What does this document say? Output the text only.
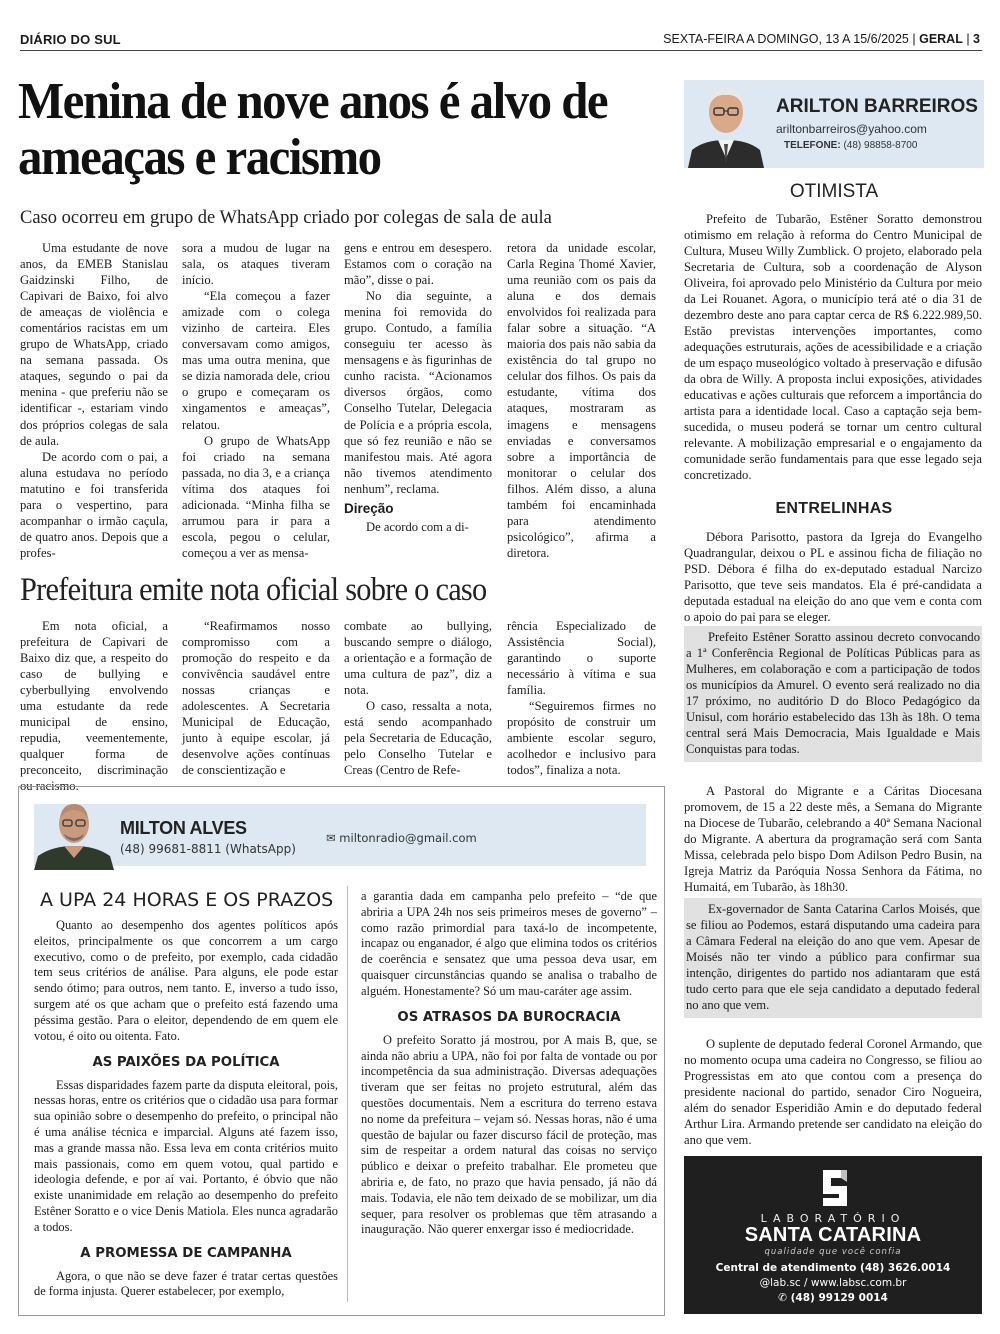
DIÁRIO DO SUL	SEXTA-FEIRA A DOMINGO, 13 A 15/6/2025 | GERAL | 3
Menina de nove anos é alvo de ameaças e racismo
Caso ocorreu em grupo de WhatsApp criado por colegas de sala de aula

Uma estudante de nove anos, da EMEB Stanislau Gaidzinski Filho, de Capivari de Baixo, foi alvo de ameaças de violência e comentários racistas em um grupo de WhatsApp, criado na semana passada. Os ataques, segundo o pai da menina - que preferiu não se identificar -, estariam vindo dos próprios colegas de sala de aula.

De acordo com o pai, a aluna estudava no período matutino e foi transferida para o vespertino, para acompanhar o irmão caçula, de quatro anos. Depois que a profes-

sora a mudou de lugar na sala, os ataques tiveram início.

“Ela começou a fazer amizade com o colega vizinho de carteira. Eles conversavam como amigos, mas uma outra menina, que se dizia namorada dele, criou o grupo e começaram os xingamentos e ameaças”, relatou.

O grupo de WhatsApp foi criado na semana passada, no dia 3, e a criança vítima dos ataques foi adicionada. “Minha filha se arrumou para ir para a escola, pegou o celular, começou a ver as mensa-

gens e entrou em desespero. Estamos com o coração na mão”, disse o pai.

No dia seguinte, a menina foi removida do grupo. Contudo, a família conseguiu ter acesso às mensagens e às figurinhas de cunho racista. “Acionamos diversos órgãos, como Conselho Tutelar, Delegacia de Polícia e a própria escola, que só fez reunião e não se manifestou mais. Até agora não tivemos atendimento nenhum”, reclama.

Direção

De acordo com a di-

retora da unidade escolar, Carla Regina Thomé Xavier, uma reunião com os pais da aluna e dos demais envolvidos foi realizada para falar sobre a situação. “A maioria dos pais não sabia da existência do tal grupo no celular dos filhos. Os pais da estudante, vítima dos ataques, mostraram as imagens e mensagens enviadas e conversamos sobre a importância de monitorar o celular dos filhos. Além disso, a aluna também foi encaminhada para atendimento psicológico”, afirma a diretora.

Prefeitura emite nota oficial sobre o caso

Em nota oficial, a prefeitura de Capivari de Baixo diz que, a respeito do caso de bullying e cyberbullying envolvendo uma estudante da rede municipal de ensino, repudia, veementemente, qualquer forma de preconceito, discriminação ou racismo.

“Reafirmamos nosso compromisso com a promoção do respeito e da convivência saudável entre nossas crianças e adolescentes. A Secretaria Municipal de Educação, junto à equipe escolar, já desenvolve ações contínuas de conscientização e

combate ao bullying, buscando sempre o diálogo, a orientação e a formação de uma cultura de paz”, diz a nota.

O caso, ressalta a nota, está sendo acompanhado pela Secretaria de Educação, pelo Conselho Tutelar e Creas (Centro de Refe-

rência Especializado de Assistência Social), garantindo o suporte necessário à vítima e sua família.

“Seguiremos firmes no propósito de construir um ambiente escolar seguro, acolhedor e inclusivo para todos”, finaliza a nota.

ARILTON BARREIROS
ariltonbarreiros@yahoo.com
TELEFONE: (48) 98858-8700
OTIMISTA

Prefeito de Tubarão, Estêner Soratto demonstrou otimismo em relação à reforma do Centro Municipal de Cultura, Museu Willy Zumblick. O projeto, elaborado pela Secretaria de Cultura, sob a coordenação de Alyson Oliveira, foi aprovado pelo Ministério da Cultura por meio da Lei Rouanet. Agora, o município terá até o dia 31 de dezembro deste ano para captar cerca de R$ 6.222.989,50. Estão previstas intervenções importantes, como adequações estruturais, ações de acessibilidade e a criação de um espaço museológico voltado à preservação e difusão da obra de Willy. A proposta inclui exposições, atividades educativas e ações culturais que reforcem a importância do artista para a identidade local. Caso a captação seja bem-sucedida, o museu poderá se tornar um centro cultural relevante. A mobilização empresarial e o engajamento da comunidade serão fundamentais para que esse legado seja concretizado.

ENTRELINHAS

Débora Parisotto, pastora da Igreja do Evangelho Quadrangular, deixou o PL e assinou ficha de filiação no PSD. Débora é filha do ex-deputado estadual Narcizo Parisotto, que teve seis mandatos. Ela é pré-candidata a deputada estadual na eleição do ano que vem e conta com o apoio do pai para se eleger.

Prefeito Estêner Soratto assinou decreto convocando a 1ª Conferência Regional de Políticas Públicas para as Mulheres, em colaboração e com a participação de todos os municípios da Amurel. O evento será realizado no dia 17 próximo, no auditório D do Bloco Pedagógico da Unisul, com horário estabelecido das 13h às 18h. O tema central será Mais Democracia, Mais Igualdade e Mais Conquistas para todas.

A Pastoral do Migrante e a Cáritas Diocesana promovem, de 15 a 22 deste mês, a Semana do Migrante na Diocese de Tubarão, celebrando a 40ª Semana Nacional do Migrante. A abertura da programação será com Santa Missa, celebrada pelo bispo Dom Adilson Pedro Busin, na Igreja Matriz da Paróquia Nossa Senhora da Fátima, no Humaitá, em Tubarão, às 18h30.

Ex-governador de Santa Catarina Carlos Moisés, que se filiou ao Podemos, estará disputando uma cadeira para a Câmara Federal na eleição do ano que vem. Apesar de Moisés não ter vindo a público para confirmar sua intenção, dirigentes do partido nos adiantaram que está tudo certo para que ele seja candidato a deputado federal no ano que vem.

O suplente de deputado federal Coronel Armando, que no momento ocupa uma cadeira no Congresso, se filiou ao Progressistas em ato que contou com a presença do presidente nacional do partido, senador Ciro Nogueira, além do senador Esperidião Amin e do deputado federal Arthur Lira. Armando pretende ser candidato na eleição do ano que vem.

LABORATÓRIO
SANTA CATARINA
qualidade que você confia
Central de atendimento (48) 3626.0014
@lab.sc / www.labsc.com.br
✆ (48) 99129 0014
MILTON ALVES
(48) 99681-8811 (WhatsApp)
✉ miltonradio@gmail.com
A UPA 24 HORAS E OS PRAZOS

Quanto ao desempenho dos agentes políticos após eleitos, principalmente os que concorrem a um cargo executivo, como o de prefeito, por exemplo, cada cidadão tem seus critérios de análise. Para alguns, ele pode estar sendo ótimo; para outros, nem tanto. E, inverso a tudo isso, surgem até os que acham que o prefeito está fazendo uma péssima gestão. Para o eleitor, dependendo de em quem ele votou, é oito ou oitenta. Fato.

AS PAIXÕES DA POLÍTICA

Essas disparidades fazem parte da disputa eleitoral, pois, nessas horas, entre os critérios que o cidadão usa para formar sua opinião sobre o desempenho do prefeito, o principal não é uma análise técnica e imparcial. Alguns até fazem isso, mas a grande massa não. Essa leva em conta critérios muito mais passionais, como em quem votou, qual partido e ideologia defende, e por aí vai. Portanto, é óbvio que não existe unanimidade em relação ao desempenho do prefeito Estêner Soratto e o vice Denis Matiola. Eles nunca agradarão a todos.

A PROMESSA DE CAMPANHA

Agora, o que não se deve fazer é tratar certas questões de forma injusta. Querer estabelecer, por exemplo,

a garantia dada em campanha pelo prefeito – “de que abriria a UPA 24h nos seis primeiros meses de governo” – como razão primordial para taxá-lo de incompetente, incapaz ou enganador, é algo que elimina todos os critérios de coerência e sensatez que uma pessoa deva usar, em quaisquer circunstâncias quando se analisa o trabalho de alguém. Honestamente? Só um mau-caráter age assim.

OS ATRASOS DA BUROCRACIA

O prefeito Soratto já mostrou, por A mais B, que, se ainda não abriu a UPA, não foi por falta de vontade ou por incompetência da sua administração. Diversas adequações tiveram que ser feitas no projeto estrutural, além das questões documentais. Nem a escritura do terreno estava no nome da prefeitura – vejam só. Nessas horas, não é uma questão de bajular ou fazer discurso fácil de proteção, mas sim de respeitar a ordem natural das coisas no serviço público e deixar o prefeito trabalhar. Ele prometeu que abriria e, de fato, no prazo que havia pensado, já não dá mais. Todavia, ele não tem deixado de se mobilizar, um dia sequer, para resolver os problemas que têm atrasando a inauguração. Não querer enxergar isso é mediocridade.
